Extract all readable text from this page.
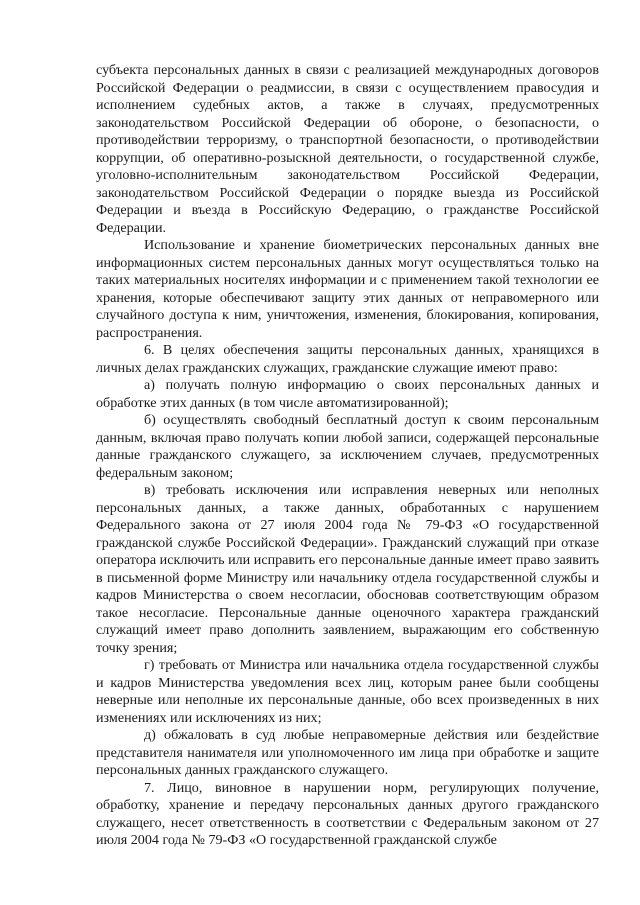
субъекта персональных данных в связи с реализацией международных договоров Российской Федерации о реадмиссии, в связи с осуществлением правосудия и исполнением судебных актов, а также в случаях, предусмотренных законодательством Российской Федерации об обороне, о безопасности, о противодействии терроризму, о транспортной безопасности, о противодействии коррупции, об оперативно-розыскной деятельности, о государственной службе, уголовно-исполнительным законодательством Российской Федерации, законодательством Российской Федерации о порядке выезда из Российской Федерации и въезда в Российскую Федерацию, о гражданстве Российской Федерации.

Использование и хранение биометрических персональных данных вне информационных систем персональных данных могут осуществляться только на таких материальных носителях информации и с применением такой технологии ее хранения, которые обеспечивают защиту этих данных от неправомерного или случайного доступа к ним, уничтожения, изменения, блокирования, копирования, распространения.

6. В целях обеспечения защиты персональных данных, хранящихся в личных делах гражданских служащих, гражданские служащие имеют право:

а) получать полную информацию о своих персональных данных и обработке этих данных (в том числе автоматизированной);

б) осуществлять свободный бесплатный доступ к своим персональным данным, включая право получать копии любой записи, содержащей персональные данные гражданского служащего, за исключением случаев, предусмотренных федеральным законом;

в) требовать исключения или исправления неверных или неполных персональных данных, а также данных, обработанных с нарушением Федерального закона от 27 июля 2004 года № 79-ФЗ «О государственной гражданской службе Российской Федерации». Гражданский служащий при отказе оператора исключить или исправить его персональные данные имеет право заявить в письменной форме Министру или начальнику отдела государственной службы и кадров Министерства о своем несогласии, обосновав соответствующим образом такое несогласие. Персональные данные оценочного характера гражданский служащий имеет право дополнить заявлением, выражающим его собственную точку зрения;

г) требовать от Министра или начальника отдела государственной службы и кадров Министерства уведомления всех лиц, которым ранее были сообщены неверные или неполные их персональные данные, обо всех произведенных в них изменениях или исключениях из них;

д) обжаловать в суд любые неправомерные действия или бездействие представителя нанимателя или уполномоченного им лица при обработке и защите персональных данных гражданского служащего.

7. Лицо, виновное в нарушении норм, регулирующих получение, обработку, хранение и передачу персональных данных другого гражданского служащего, несет ответственность в соответствии с Федеральным законом от 27 июля 2004 года № 79-ФЗ «О государственной гражданской службе
